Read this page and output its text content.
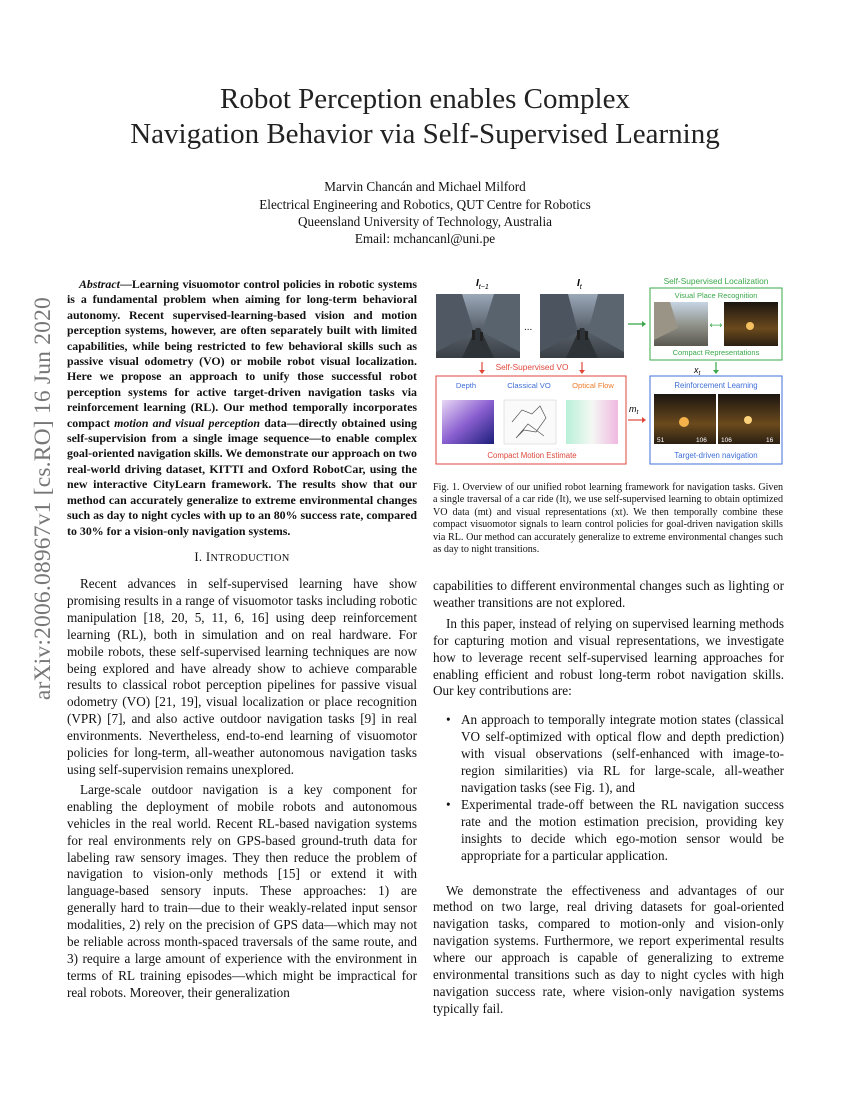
arXiv:2006.08967v1 [cs.RO] 16 Jun 2020
Robot Perception enables Complex
Navigation Behavior via Self-Supervised Learning
Marvin Chancán and Michael Milford
Electrical Engineering and Robotics, QUT Centre for Robotics
Queensland University of Technology, Australia
Email: mchancanl@uni.pe
Abstract—Learning visuomotor control policies in robotic systems is a fundamental problem when aiming for long-term behavioral autonomy. Recent supervised-learning-based vision and motion perception systems, however, are often separately built with limited capabilities, while being restricted to few behavioral skills such as passive visual odometry (VO) or mobile robot visual localization. Here we propose an approach to unify those successful robot perception systems for active target-driven navigation tasks via reinforcement learning (RL). Our method temporally incorporates compact motion and visual perception data—directly obtained using self-supervision from a single image sequence—to enable complex goal-oriented navigation skills. We demonstrate our approach on two real-world driving dataset, KITTI and Oxford RobotCar, using the new interactive CityLearn framework. The results show that our method can accurately generalize to extreme environmental changes such as day to night cycles with up to an 80% success rate, compared to 30% for a vision-only navigation systems.
I. INTRODUCTION

Recent advances in self-supervised learning have show promising results in a range of visuomotor tasks including robotic manipulation [18, 20, 5, 11, 6, 16] using deep reinforcement learning (RL), both in simulation and on real hardware. For mobile robots, these self-supervised learning techniques are now being explored and have already show to achieve comparable results to classical robot perception pipelines for passive visual odometry (VO) [21, 19], visual localization or place recognition (VPR) [7], and also active outdoor navigation tasks [9] in real environments. Nevertheless, end-to-end learning of visuomotor policies for long-term, all-weather autonomous navigation tasks using self-supervision remains unexplored.

Large-scale outdoor navigation is a key component for enabling the deployment of mobile robots and autonomous vehicles in the real world. Recent RL-based navigation systems for real environments rely on GPS-based ground-truth data for labeling raw sensory images. They then reduce the problem of navigation to vision-only methods [15] or extend it with language-based sensory inputs. These approaches: 1) are generally hard to train—due to their weakly-related input sensor modalities, 2) rely on the precision of GPS data—which may not be reliable across month-spaced traversals of the same route, and 3) require a large amount of experience with the environment in terms of RL training episodes—which might be impractical for real robots. Moreover, their generalization

$I_{t-1}$	$I_t$
...
Self-Supervised Localization
Visual Place Recognition
⟷
Compact Representations
Self-Supervised VO	$x_t$
Depth	Classical VO	Optical Flow
Compact Motion Estimate
$m_t$
Reinforcement Learning
51	106 106	16
Target-driven navigation
Fig. 1. Overview of our unified robot learning framework for navigation tasks. Given a single traversal of a car ride (It), we use self-supervised learning to obtain optimized VO data (mt) and visual representations (xt). We then temporally combine these compact visuomotor signals to learn control policies for goal-driven navigation skills via RL. Our method can accurately generalize to extreme environmental changes such as day to night transitions.

capabilities to different environmental changes such as lighting or weather transitions are not explored.

In this paper, instead of relying on supervised learning methods for capturing motion and visual representations, we investigate how to leverage recent self-supervised learning approaches for enabling efficient and robust long-term robot navigation skills. Our key contributions are:

• An approach to temporally integrate motion states (classical VO self-optimized with optical flow and depth prediction) with visual observations (self-enhanced with image-to-region similarities) via RL for large-scale, all-weather navigation tasks (see Fig. 1), and
• Experimental trade-off between the RL navigation success rate and the motion estimation precision, providing key insights to decide which ego-motion sensor would be appropriate for a particular application.

We demonstrate the effectiveness and advantages of our method on two large, real driving datasets for goal-oriented navigation tasks, compared to motion-only and vision-only navigation systems. Furthermore, we report experimental results where our approach is capable of generalizing to extreme environmental transitions such as day to night cycles with high navigation success rate, where vision-only navigation systems typically fail.
